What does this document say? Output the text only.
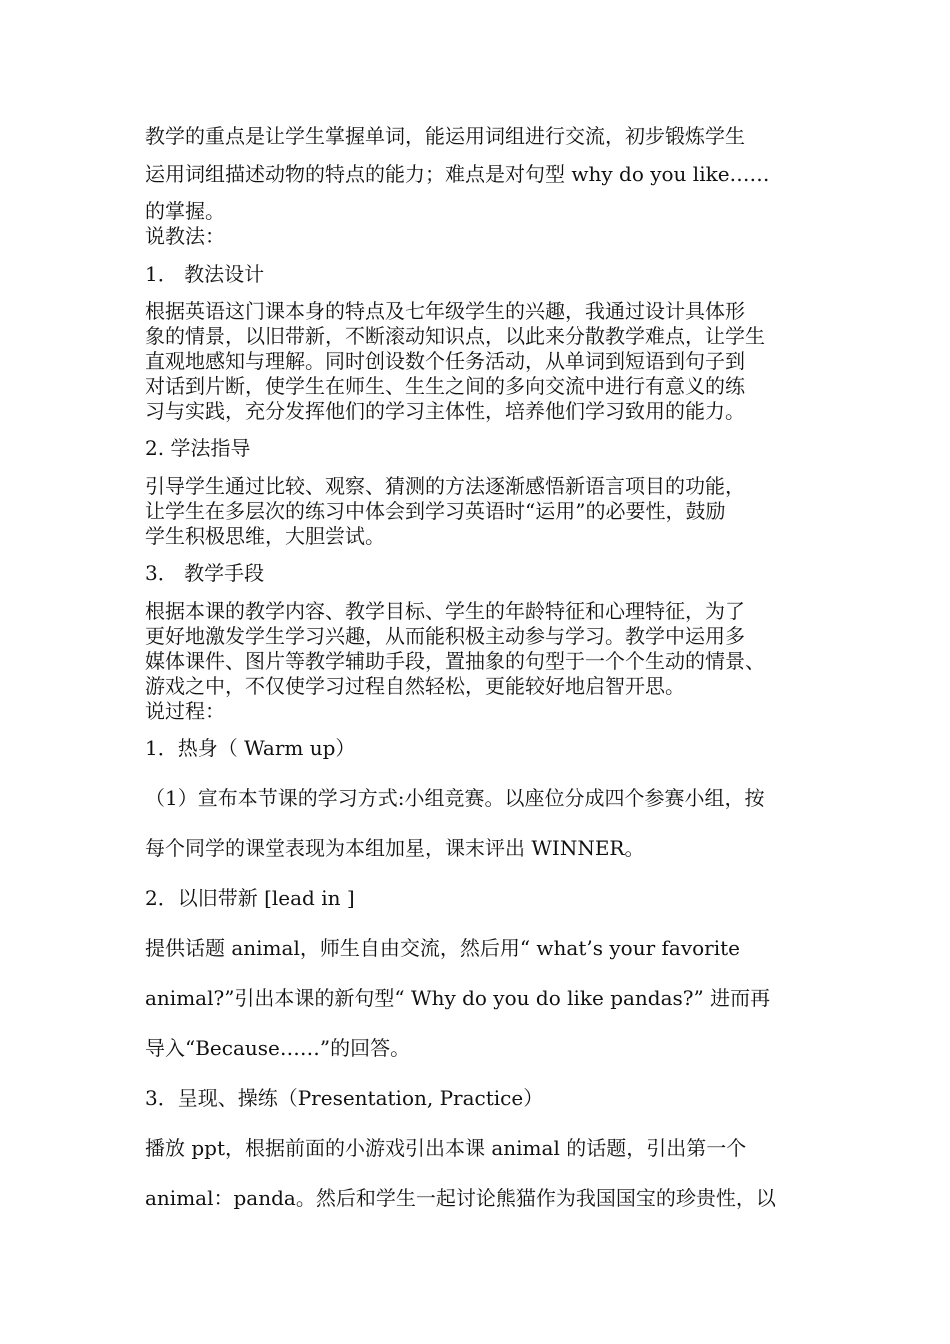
教学的重点是让学生掌握单词，能运用词组进行交流，初步锻炼学生
运用词组描述动物的特点的能力；难点是对句型 why do you like……
的掌握。
说教法：
1． 教法设计
根据英语这门课本身的特点及七年级学生的兴趣，我通过设计具体形
象的情景，以旧带新，不断滚动知识点，以此来分散教学难点，让学生
直观地感知与理解。同时创设数个任务活动，从单词到短语到句子到
对话到片断，使学生在师生、生生之间的多向交流中进行有意义的练
习与实践，充分发挥他们的学习主体性，培养他们学习致用的能力。
2. 学法指导
引导学生通过比较、观察、猜测的方法逐渐感悟新语言项目的功能，
让学生在多层次的练习中体会到学习英语时“运用”的必要性，鼓励
学生积极思维，大胆尝试。
3． 教学手段
根据本课的教学内容、教学目标、学生的年龄特征和心理特征，为了
更好地激发学生学习兴趣，从而能积极主动参与学习。教学中运用多
媒体课件、图片等教学辅助手段，置抽象的句型于一个个生动的情景、
游戏之中，不仅使学习过程自然轻松，更能较好地启智开思。
说过程：
1．热身（ Warm up）
（1）宣布本节课的学习方式:小组竞赛。以座位分成四个参赛小组，按
每个同学的课堂表现为本组加星，课末评出 WINNER。
2．以旧带新 [lead in ]
提供话题 animal，师生自由交流，然后用“ what’s your favorite
animal?”引出本课的新句型“ Why do you do like pandas?” 进而再
导入“Because……”的回答。
3．呈现、操练（Presentation, Practice）
播放 ppt，根据前面的小游戏引出本课 animal 的话题，引出第一个
animal：panda。然后和学生一起讨论熊猫作为我国国宝的珍贵性，以
